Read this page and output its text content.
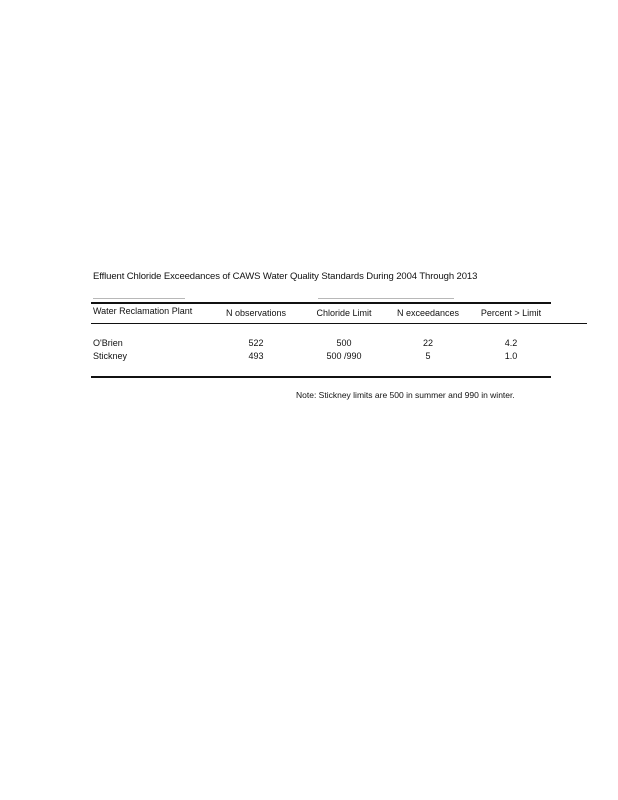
Effluent Chloride Exceedances of CAWS Water Quality Standards During 2004 Through 2013
Water Reclamation Plant	N observations	Chloride Limit	N exceedances	Percent > Limit
O'Brien	522	500	22	4.2
Stickney	493	500 /990	5	1.0
Note: Stickney limits are 500 in summer and 990 in winter.
